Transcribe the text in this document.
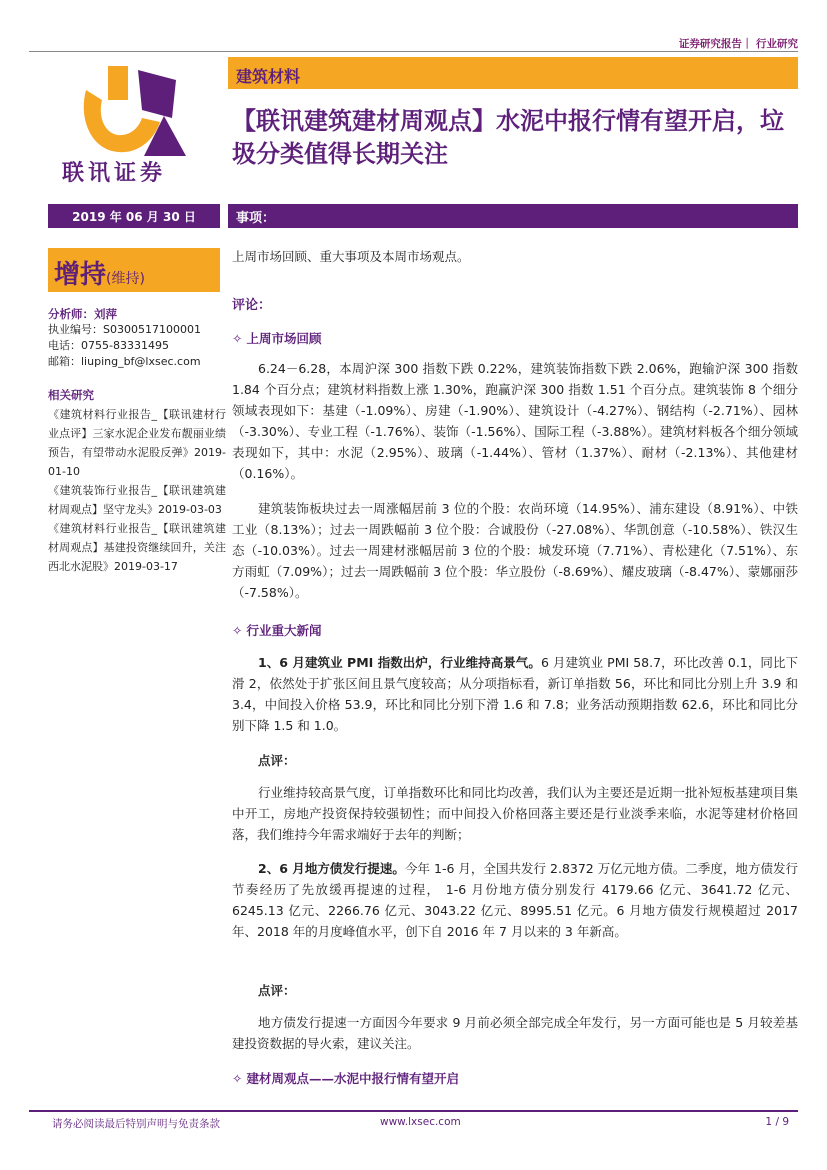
证券研究报告｜ 行业研究
联讯证券
建筑材料
【联讯建筑建材周观点】水泥中报行情有望开启，垃圾分类值得长期关注
2019 年 06 月 30 日	事项：
增持(维持)
分析师：刘萍
执业编号：S0300517100001
电话：0755-83331495
邮箱：liuping_bf@lxsec.com
相关研究

《建筑材料行业报告_【联讯建材行业点评】三家水泥企业发布靓丽业绩预告，有望带动水泥股反弹》2019-01-10

《建筑装饰行业报告_【联讯建筑建材周观点】坚守龙头》2019-03-03

《建筑材料行业报告_【联讯建筑建材周观点】基建投资继续回升，关注西北水泥股》2019-03-17

上周市场回顾、重大事项及本周市场观点。
评论：
✧ 上周市场回顾

6.24－6.28，本周沪深 300 指数下跌 0.22%，建筑装饰指数下跌 2.06%，跑输沪深 300 指数 1.84 个百分点；建筑材料指数上涨 1.30%，跑赢沪深 300 指数 1.51 个百分点。建筑装饰 8 个细分领域表现如下：基建（-1.09%）、房建（-1.90%）、建筑设计（-4.27%）、钢结构（-2.71%）、园林（-3.30%）、专业工程（-1.76%）、装饰（-1.56%）、国际工程（-3.88%）。建筑材料板各个细分领域表现如下，其中：水泥（2.95%）、玻璃（-1.44%）、管材（1.37%）、耐材（-2.13%）、其他建材（0.16%）。

建筑装饰板块过去一周涨幅居前 3 位的个股：农尚环境（14.95%）、浦东建设（8.91%）、中铁工业（8.13%）；过去一周跌幅前 3 位个股：合诚股份（-27.08%）、华凯创意（-10.58%）、铁汉生态（-10.03%）。过去一周建材涨幅居前 3 位的个股：城发环境（7.71%）、青松建化（7.51%）、东方雨虹（7.09%）；过去一周跌幅前 3 位个股：华立股份（-8.69%）、耀皮玻璃（-8.47%）、蒙娜丽莎（-7.58%）。

✧ 行业重大新闻

1、6 月建筑业 PMI 指数出炉，行业维持高景气。6 月建筑业 PMI 58.7，环比改善 0.1，同比下滑 2，依然处于扩张区间且景气度较高；从分项指标看，新订单指数 56，环比和同比分别上升 3.9 和 3.4，中间投入价格 53.9，环比和同比分别下滑 1.6 和 7.8；业务活动预期指数 62.6，环比和同比分别下降 1.5 和 1.0。

点评：

行业维持较高景气度，订单指数环比和同比均改善，我们认为主要还是近期一批补短板基建项目集中开工，房地产投资保持较强韧性；而中间投入价格回落主要还是行业淡季来临，水泥等建材价格回落，我们维持今年需求端好于去年的判断；

2、6 月地方债发行提速。今年 1-6 月，全国共发行 2.8372 万亿元地方债。二季度，地方债发行节奏经历了先放缓再提速的过程， 1-6 月份地方债分别发行 4179.66 亿元、3641.72 亿元、6245.13 亿元、2266.76 亿元、3043.22 亿元、8995.51 亿元。6 月地方债发行规模超过 2017 年、2018 年的月度峰值水平，创下自 2016 年 7 月以来的 3 年新高。

点评：

地方债发行提速一方面因今年要求 9 月前必须全部完成全年发行，另一方面可能也是 5 月较差基建投资数据的导火索，建议关注。

✧ 建材周观点——水泥中报行情有望开启
请务必阅读最后特别声明与免责条款	www.lxsec.com	1 / 9
